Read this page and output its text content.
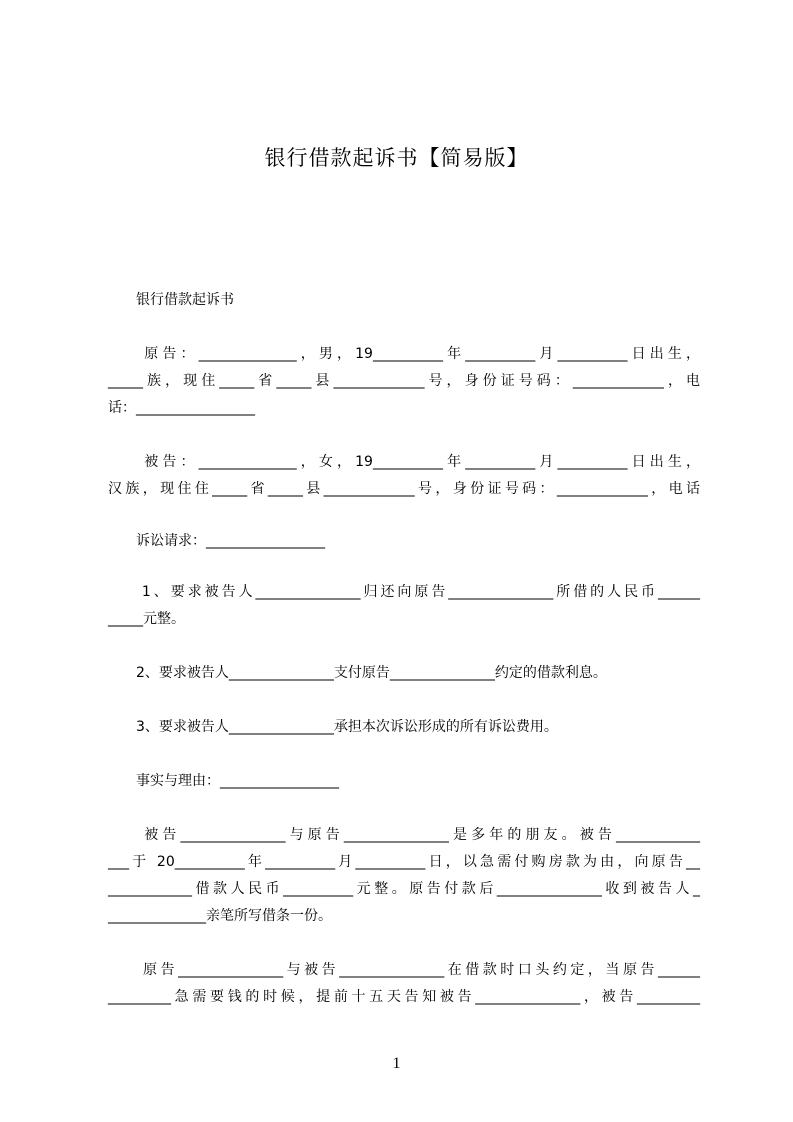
银行借款起诉书【简易版】
银行借款起诉书
　　原告：______________，男，19__________年__________月__________日出生，
_____族，现住_____省_____县_____________号，身份证号码：_____________，电
话：_________________
　　被告：______________，女，19__________年__________月__________日出生，
汉族，现住住_____省_____县_____________号，身份证号码：_____________，电话
诉讼请求：_________________
　　1、要求被告人_______________归还向原告_______________所借的人民币______
_____元整。
　　2、要求被告人_______________支付原告_______________约定的借款利息。
　　3、要求被告人_______________承担本次诉讼形成的所有诉讼费用。
事实与理由：_________________
　　被告_______________与原告_______________是多年的朋友。被告____________
___于 20__________年__________月__________日，以急需付购房款为由，向原告__
____________借款人民币__________元整。原告付款后_______________收到被告人_
______________亲笔所写借条一份。
　　原告_______________与被告_______________在借款时口头约定，当原告______
_________急需要钱的时候，提前十五天告知被告_______________，被告_________
1
